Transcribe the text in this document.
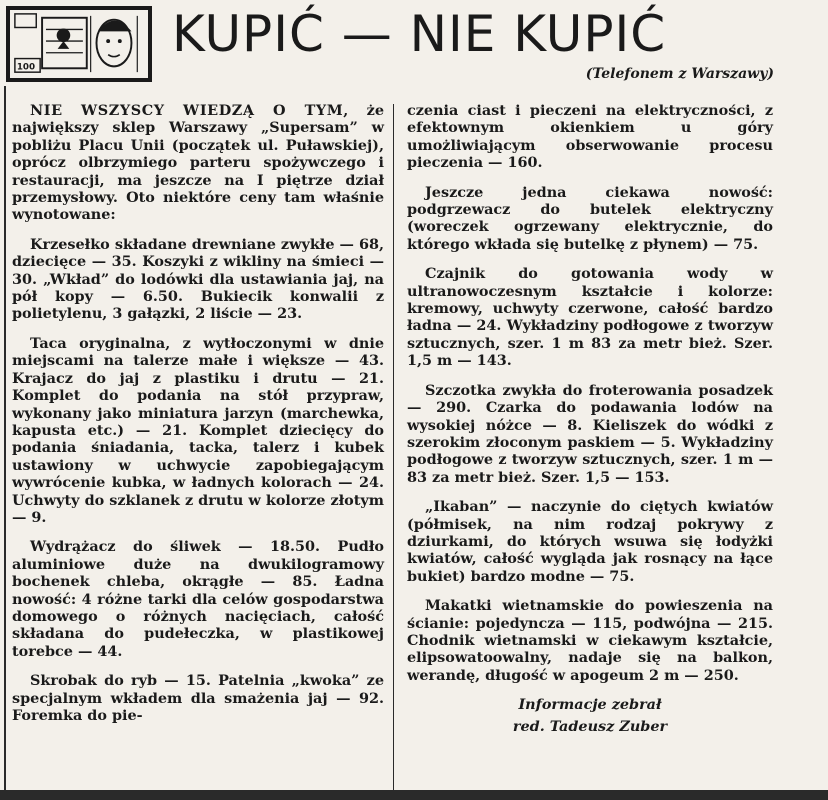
100
KUPIĆ — NIE KUPIĆ
(Telefonem z Warszawy)

NIE WSZYSCY WIEDZĄ O TYM, że największy sklep Warszawy „Supersam” w pobliżu Placu Unii (początek ul. Puławskiej), oprócz olbrzymiego parteru spożywczego i restauracji, ma jeszcze na I piętrze dział przemysłowy. Oto niektóre ceny tam właśnie wynotowane:

Krzesełko składane drewniane zwykłe — 68, dziecięce — 35. Koszyki z wikliny na śmieci — 30. „Wkład” do lodówki dla ustawiania jaj, na pół kopy — 6.50. Bukiecik konwalii z polietylenu, 3 gałązki, 2 liście — 23.

Taca oryginalna, z wytłoczonymi w dnie miejscami na talerze małe i większe — 43. Krajacz do jaj z plastiku i drutu — 21. Komplet do podania na stół przypraw, wykonany jako miniatura jarzyn (marchewka, kapusta etc.) — 21. Komplet dziecięcy do podania śniadania, tacka, talerz i kubek ustawiony w uchwycie zapobiegającym wywrócenie kubka, w ładnych kolorach — 24. Uchwyty do szklanek z drutu w kolorze złotym — 9.

Wydrążacz do śliwek — 18.50. Pudło aluminiowe duże na dwukilogramowy bochenek chleba, okrągłe — 85. Ładna nowość: 4 różne tarki dla celów gospodarstwa domowego o różnych nacięciach, całość składana do pudełeczka, w plastikowej torebce — 44.

Skrobak do ryb — 15. Patelnia „kwoka” ze specjalnym wkładem dla smażenia jaj — 92. Foremka do pie-

czenia ciast i pieczeni na elektryczności, z efektownym okienkiem u góry umożliwiającym obserwowanie procesu pieczenia — 160.

Jeszcze jedna ciekawa nowość: podgrzewacz do butelek elektryczny (woreczek ogrzewany elektrycznie, do którego wkłada się butelkę z płynem) — 75.

Czajnik do gotowania wody w ultranowoczesnym kształcie i kolorze: kremowy, uchwyty czerwone, całość bardzo ładna — 24. Wykładziny podłogowe z tworzyw sztucznych, szer. 1 m 83 za metr bież. Szer. 1,5 m — 143.

Szczotka zwykła do froterowania posadzek — 290. Czarka do podawania lodów na wysokiej nóżce — 8. Kieliszek do wódki z szerokim złoconym paskiem — 5. Wykładziny podłogowe z tworzyw sztucznych, szer. 1 m — 83 za metr bież. Szer. 1,5 — 153.

„Ikaban” — naczynie do ciętych kwiatów (półmisek, na nim rodzaj pokrywy z dziurkami, do których wsuwa się łodyżki kwiatów, całość wygląda jak rosnący na łące bukiet) bardzo modne — 75.

Makatki wietnamskie do powieszenia na ścianie: pojedyncza — 115, podwójna — 215. Chodnik wietnamski w ciekawym kształcie, elipsowatoowalny, nadaje się na balkon, werandę, długość w apogeum 2 m — 250.

Informacje zebrał
red. Tadeusz Zuber
